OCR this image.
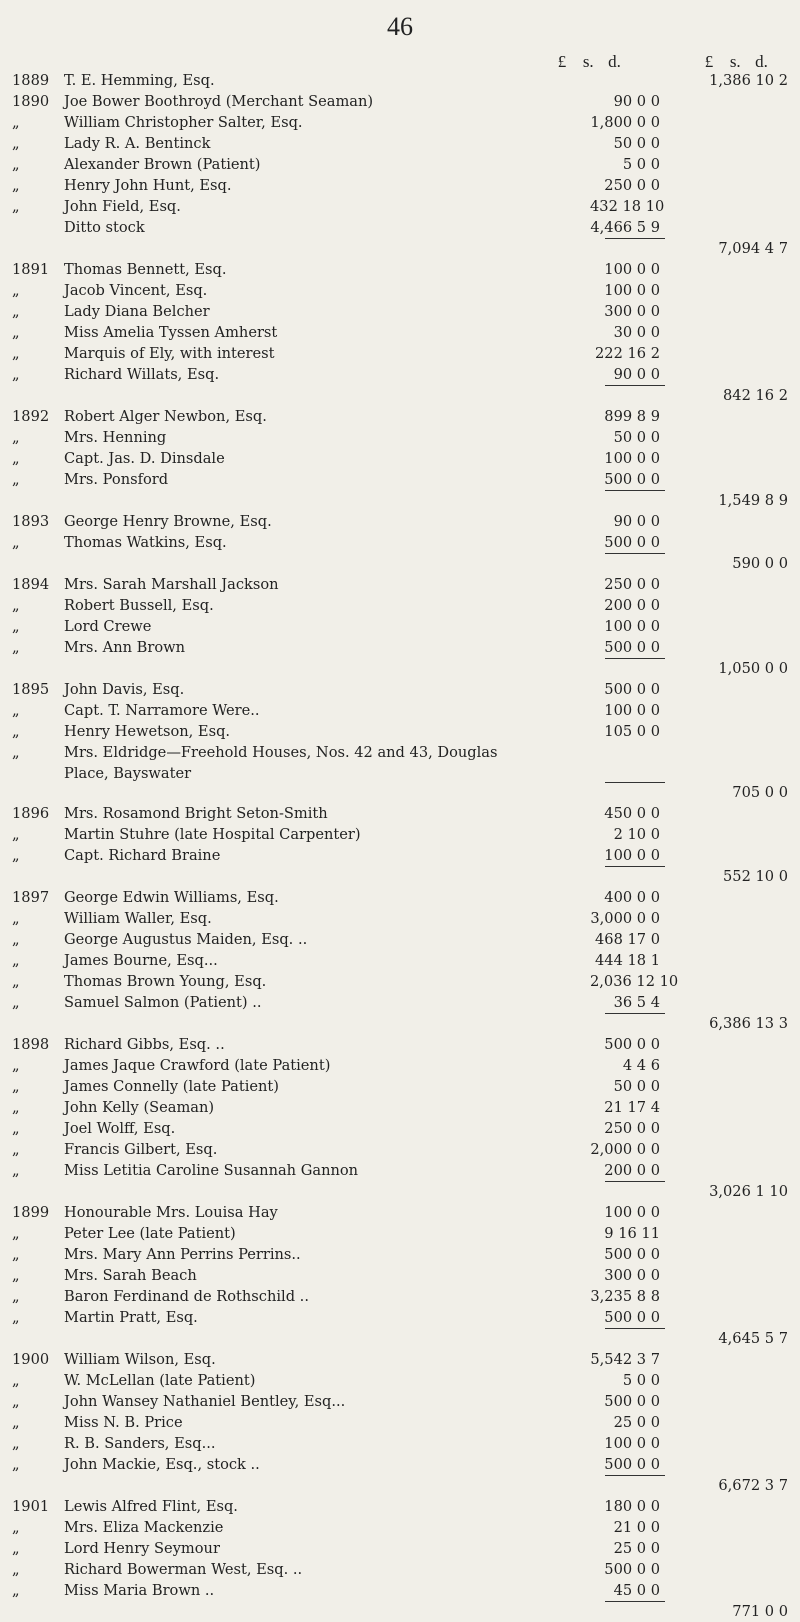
46
£ s. d.	£ s. d.
1889 T. E. Hemming, Esq.	1,386 10 2
1890 Joe Bower Boothroyd (Merchant Seaman)	90 0 0
„	William Christopher Salter, Esq.	1,800 0 0
„	Lady R. A. Bentinck	50 0 0
„	Alexander Brown (Patient)	5 0 0
„	Henry John Hunt, Esq.	250 0 0
„	John Field, Esq.	432 18 10
Ditto stock	4,466 5 9
7,094 4 7
1891 Thomas Bennett, Esq.	100 0 0
„	Jacob Vincent, Esq.	100 0 0
„	Lady Diana Belcher	300 0 0
„	Miss Amelia Tyssen Amherst	30 0 0
„	Marquis of Ely, with interest	222 16 2
„	Richard Willats, Esq.	90 0 0
842 16 2
1892 Robert Alger Newbon, Esq.	899 8 9
„	Mrs. Henning	50 0 0
„	Capt. Jas. D. Dinsdale	100 0 0
„	Mrs. Ponsford	500 0 0
1,549 8 9
1893 George Henry Browne, Esq.	90 0 0
„	Thomas Watkins, Esq.	500 0 0
590 0 0
1894 Mrs. Sarah Marshall Jackson	250 0 0
„	Robert Bussell, Esq.	200 0 0
„	Lord Crewe	100 0 0
„	Mrs. Ann Brown	500 0 0
1,050 0 0
1895 John Davis, Esq.	500 0 0
„	Capt. T. Narramore Were..	100 0 0
„	Henry Hewetson, Esq.	105 0 0
„	Mrs. Eldridge—Freehold Houses, Nos. 42 and 43, Douglas
Place, Bayswater
705 0 0
1896 Mrs. Rosamond Bright Seton-Smith	450 0 0
„	Martin Stuhre (late Hospital Carpenter)	2 10 0
„	Capt. Richard Braine	100 0 0
552 10 0
1897 George Edwin Williams, Esq.	400 0 0
„	William Waller, Esq.	3,000 0 0
„	George Augustus Maiden, Esq. ..	468 17 0
„	James Bourne, Esq...	444 18 1
„	Thomas Brown Young, Esq.	2,036 12 10
„	Samuel Salmon (Patient) ..	36 5 4
6,386 13 3
1898 Richard Gibbs, Esq. ..	500 0 0
„	James Jaque Crawford (late Patient)	4 4 6
„	James Connelly (late Patient)	50 0 0
„	John Kelly (Seaman)	21 17 4
„	Joel Wolff, Esq.	250 0 0
„	Francis Gilbert, Esq.	2,000 0 0
„	Miss Letitia Caroline Susannah Gannon	200 0 0
3,026 1 10
1899 Honourable Mrs. Louisa Hay	100 0 0
„	Peter Lee (late Patient)	9 16 11
„	Mrs. Mary Ann Perrins Perrins..	500 0 0
„	Mrs. Sarah Beach	300 0 0
„	Baron Ferdinand de Rothschild ..	3,235 8 8
„	Martin Pratt, Esq.	500 0 0
4,645 5 7
1900 William Wilson, Esq.	5,542 3 7
„	W. McLellan (late Patient)	5 0 0
„	John Wansey Nathaniel Bentley, Esq...	500 0 0
„	Miss N. B. Price	25 0 0
„	R. B. Sanders, Esq...	100 0 0
„	John Mackie, Esq., stock ..	500 0 0
6,672 3 7
1901 Lewis Alfred Flint, Esq.	180 0 0
„	Mrs. Eliza Mackenzie	21 0 0
„	Lord Henry Seymour	25 0 0
„	Richard Bowerman West, Esq. ..	500 0 0
„	Miss Maria Brown ..	45 0 0
771 0 0
